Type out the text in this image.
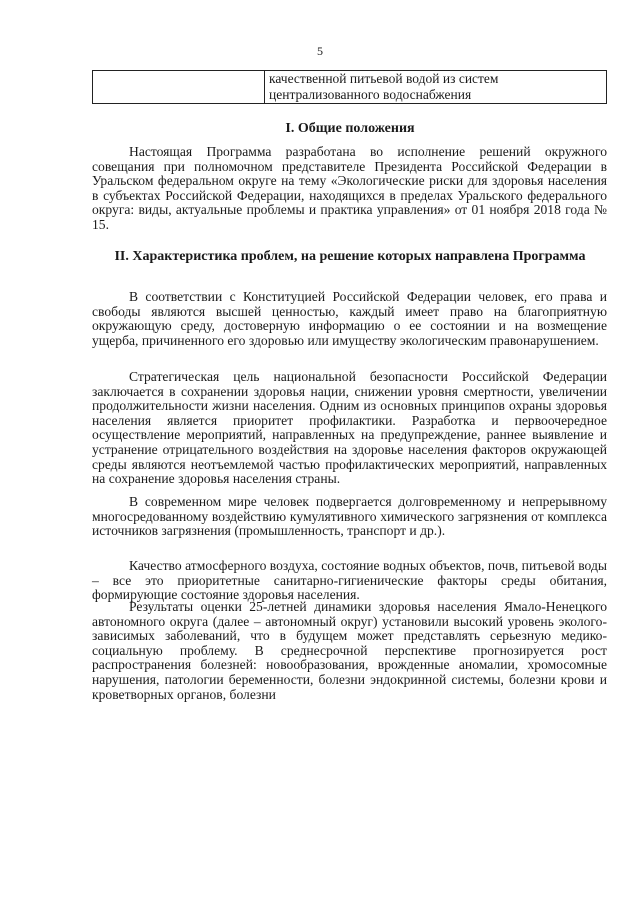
5
	качественной питьевой водой из систем централизованного водоснабжения
I. Общие положения

Настоящая Программа разработана во исполнение решений окружного совещания при полномочном представителе Президента Российской Федерации в Уральском федеральном округе на тему «Экологические риски для здоровья населения в субъектах Российской Федерации, находящихся в пределах Уральского федерального округа: виды, актуальные проблемы и практика управления» от 01 ноября 2018 года № 15.

II. Характеристика проблем, на решение которых направлена Программа

В соответствии с Конституцией Российской Федерации человек, его права и свободы являются высшей ценностью, каждый имеет право на благоприятную окружающую среду, достоверную информацию о ее состоянии и на возмещение ущерба, причиненного его здоровью или имуществу экологическим правонарушением.

Стратегическая цель национальной безопасности Российской Федерации заключается в сохранении здоровья нации, снижении уровня смертности, увеличении продолжительности жизни населения. Одним из основных принципов охраны здоровья населения является приоритет профилактики. Разработка и первоочередное осуществление мероприятий, направленных на предупреждение, раннее выявление и устранение отрицательного воздействия на здоровье населения факторов окружающей среды являются неотъемлемой частью профилактических мероприятий, направленных на сохранение здоровья населения страны.

В современном мире человек подвергается долговременному и непрерывному многосредованному воздействию кумулятивного химического загрязнения от комплекса источников загрязнения (промышленность, транспорт и др.).

Качество атмосферного воздуха, состояние водных объектов, почв, питьевой воды – все это приоритетные санитарно-гигиенические факторы среды обитания, формирующие состояние здоровья населения.

Результаты оценки 25-летней динамики здоровья населения Ямало-Ненецкого автономного округа (далее – автономный округ) установили высокий уровень эколого-зависимых заболеваний, что в будущем может представлять серьезную медико-социальную проблему. В среднесрочной перспективе прогнозируется рост распространения болезней: новообразования, врожденные аномалии, хромосомные нарушения, патологии беременности, болезни эндокринной системы, болезни крови и кроветворных органов, болезни
